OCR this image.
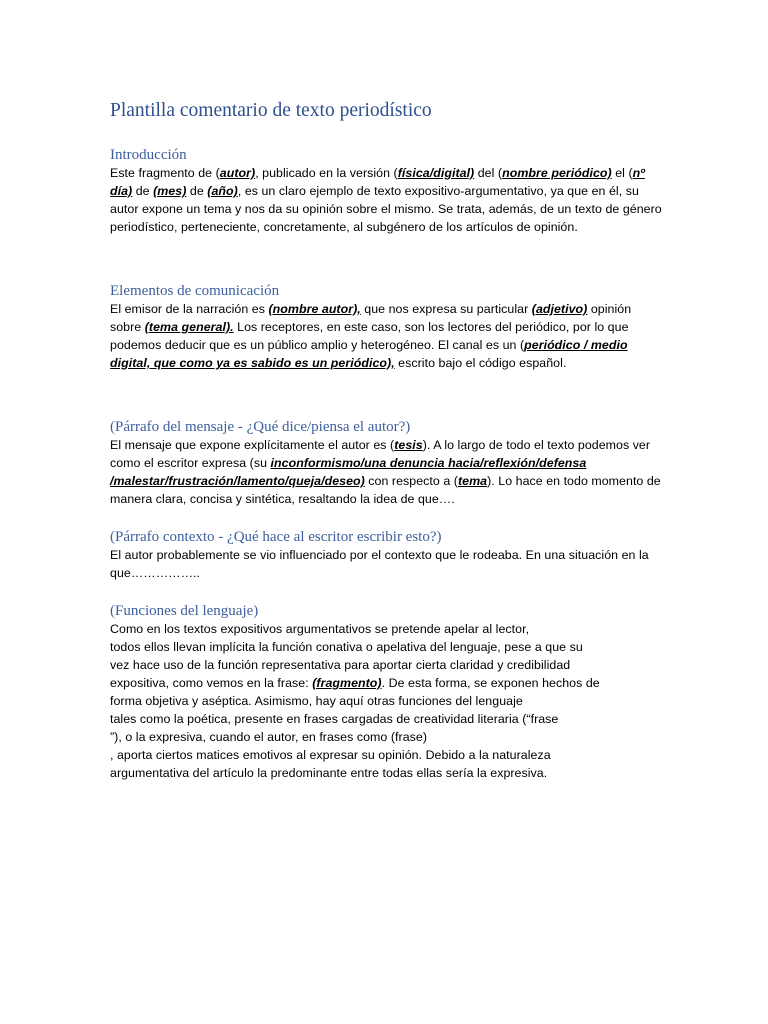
Plantilla comentario de texto periodístico
Introducción

Este fragmento de (autor), publicado en la versión (física/digital) del (nombre periódico) el (nº día) de (mes) de (año), es un claro ejemplo de texto expositivo-argumentativo, ya que en él, su autor expone un tema y nos da su opinión sobre el mismo. Se trata, además, de un texto de género periodístico, perteneciente, concretamente, al subgénero de los artículos de opinión.

Elementos de comunicación

El emisor de la narración es (nombre autor), que nos expresa su particular (adjetivo) opinión sobre (tema general). Los receptores, en este caso, son los lectores del periódico, por lo que podemos deducir que es un público amplio y heterogéneo. El canal es un (periódico / medio digital, que como ya es sabido es un periódico), escrito bajo el código español.

(Párrafo del mensaje - ¿Qué dice/piensa el autor?)

El mensaje que expone explícitamente el autor es (tesis). A lo largo de todo el texto podemos ver como el escritor expresa (su inconformismo/una denuncia hacia/reflexión/defensa /malestar/frustración/lamento/queja/deseo) con respecto a (tema). Lo hace en todo momento de manera clara, concisa y sintética, resaltando la idea de que….

(Párrafo contexto - ¿Qué hace al escritor escribir esto?)

El autor probablemente se vio influenciado por el contexto que le rodeaba. En una situación en la que……………..

(Funciones del lenguaje)

Como en los textos expositivos argumentativos se pretende apelar al lector,
todos ellos llevan implícita la función conativa o apelativa del lenguaje, pese a que su
vez hace uso de la función representativa para aportar cierta claridad y credibilidad
expositiva, como vemos en la frase: (fragmento). De esta forma, se exponen hechos de
forma objetiva y aséptica. Asimismo, hay aquí otras funciones del lenguaje
tales como la poética, presente en frases cargadas de creatividad literaria (“frase
”), o la expresiva, cuando el autor, en frases como (frase)
, aporta ciertos matices emotivos al expresar su opinión. Debido a la naturaleza
argumentativa del artículo la predominante entre todas ellas sería la expresiva.
